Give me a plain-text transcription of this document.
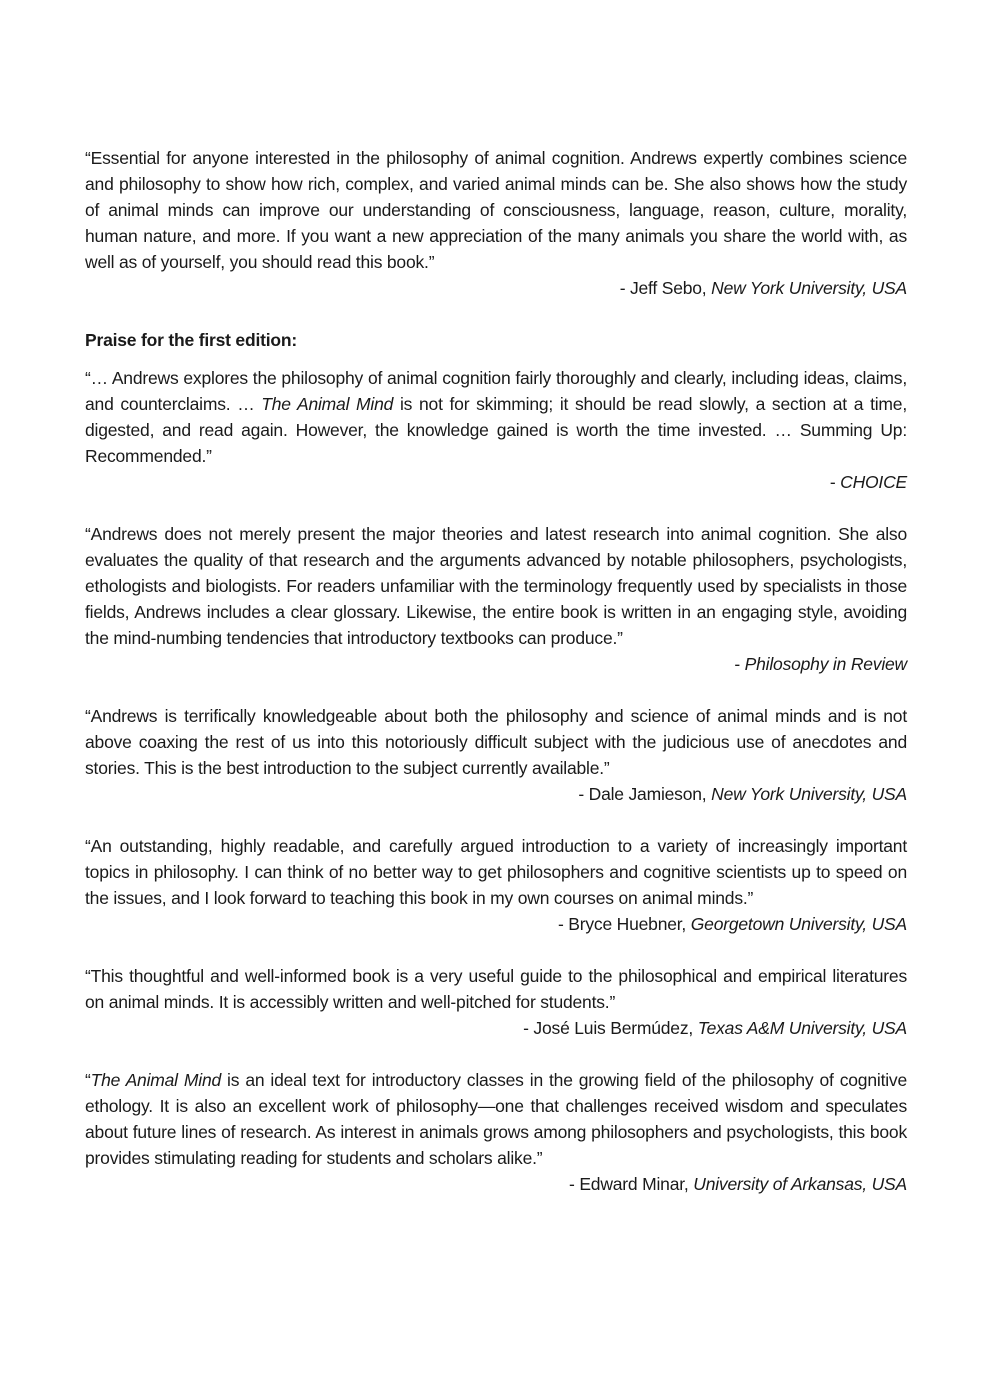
“Essential for anyone interested in the philosophy of animal cognition. Andrews expertly combines science and philosophy to show how rich, complex, and varied animal minds can be. She also shows how the study of animal minds can improve our understanding of consciousness, language, reason, culture, morality, human nature, and more. If you want a new appreciation of the many animals you share the world with, as well as of yourself, you should read this book.”

- Jeff Sebo, New York University, USA

Praise for the first edition:

“… Andrews explores the philosophy of animal cognition fairly thoroughly and clearly, including ideas, claims, and counterclaims. … The Animal Mind is not for skimming; it should be read slowly, a section at a time, digested, and read again. However, the knowledge gained is worth the time invested. … Summing Up: Recommended.”

- CHOICE

“Andrews does not merely present the major theories and latest research into animal cognition. She also evaluates the quality of that research and the arguments advanced by notable philosophers, psychologists, ethologists and biologists. For readers unfamiliar with the terminology frequently used by specialists in those fields, Andrews includes a clear glossary. Likewise, the entire book is written in an engaging style, avoiding the mind-numbing tendencies that introductory textbooks can produce.”

- Philosophy in Review

“Andrews is terrifically knowledgeable about both the philosophy and science of animal minds and is not above coaxing the rest of us into this notoriously difficult subject with the judicious use of anecdotes and stories. This is the best introduction to the subject currently available.”

- Dale Jamieson, New York University, USA

“An outstanding, highly readable, and carefully argued introduction to a variety of increasingly important topics in philosophy. I can think of no better way to get philosophers and cognitive scientists up to speed on the issues, and I look forward to teaching this book in my own courses on animal minds.”

- Bryce Huebner, Georgetown University, USA

“This thoughtful and well-informed book is a very useful guide to the philosophical and empirical literatures on animal minds. It is accessibly written and well-pitched for students.”

- José Luis Bermúdez, Texas A&M University, USA

“The Animal Mind is an ideal text for introductory classes in the growing field of the philosophy of cognitive ethology. It is also an excellent work of philosophy—one that challenges received wisdom and speculates about future lines of research. As interest in animals grows among philosophers and psychologists, this book provides stimulating reading for students and scholars alike.”

- Edward Minar, University of Arkansas, USA
